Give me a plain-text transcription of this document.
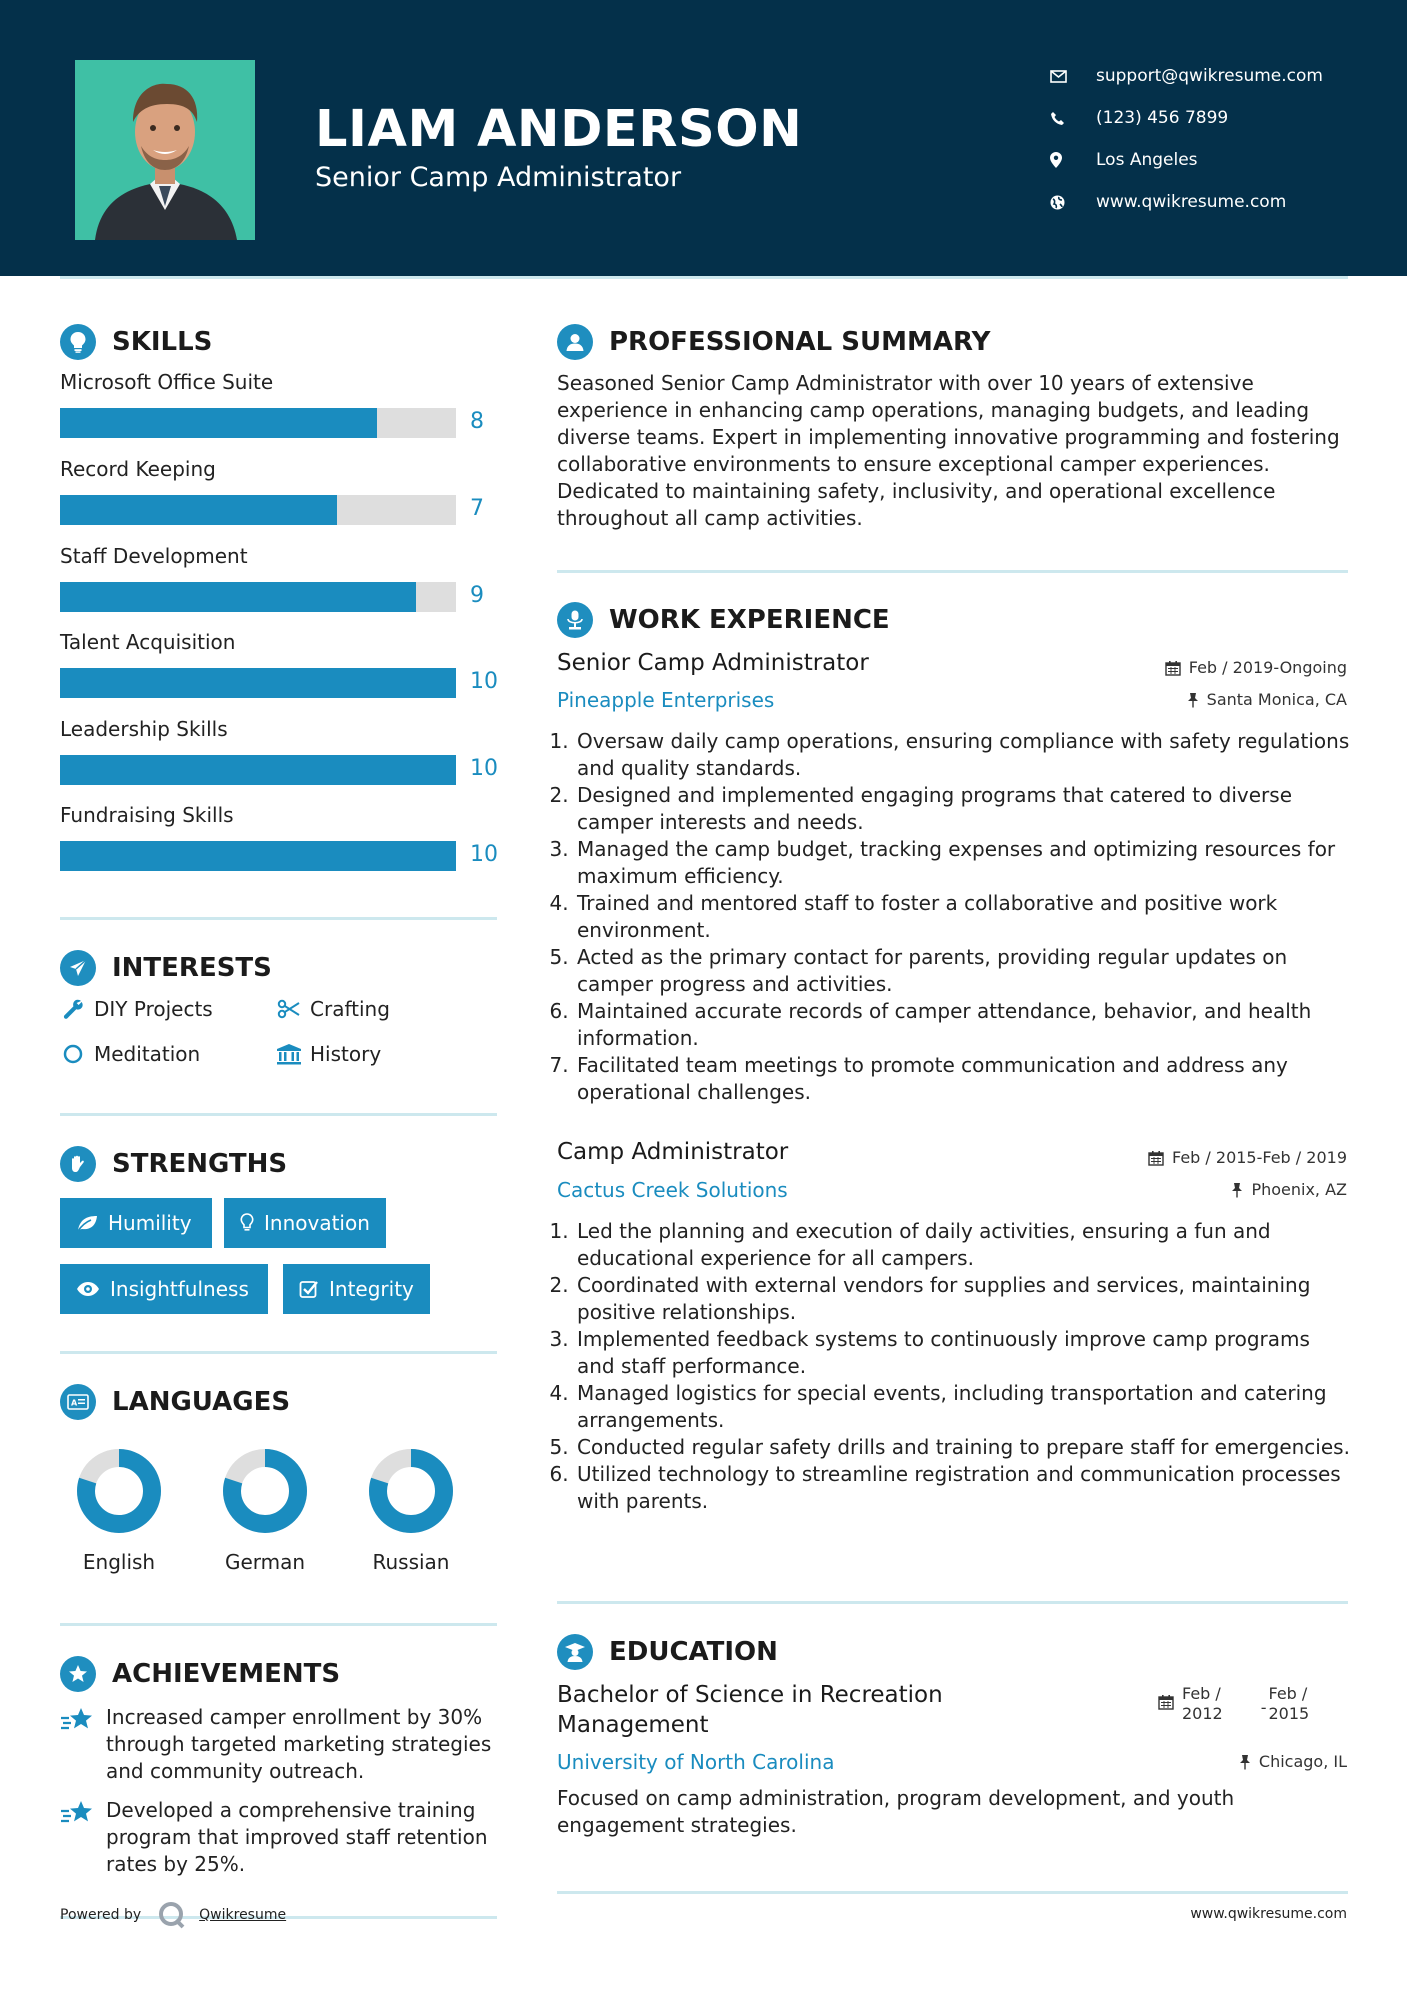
LIAM ANDERSON
Senior Camp Administrator
support@qwikresume.com
(123) 456 7899
Los Angeles
www.qwikresume.com
SKILLS
Microsoft Office Suite
8
Record Keeping
7
Staff Development
9
Talent Acquisition
10
Leadership Skills
10
Fundraising Skills
10
INTERESTS
DIY Projects	Crafting
Meditation	History
STRENGTHS
Humility	Innovation
Insightfulness	Integrity
A LANGUAGES
English	German	Russian
ACHIEVEMENTS
Increased camper enrollment by 30% through targeted marketing strategies and community outreach.
Developed a comprehensive training program that improved staff retention rates by 25%.
Powered by	Qwikresume
PROFESSIONAL SUMMARY
Seasoned Senior Camp Administrator with over 10 years of extensive experience in enhancing camp operations, managing budgets, and leading diverse teams. Expert in implementing innovative programming and fostering collaborative environments to ensure exceptional camper experiences. Dedicated to maintaining safety, inclusivity, and operational excellence throughout all camp activities.
WORK EXPERIENCE
Senior Camp Administrator	Feb / 2019-Ongoing
Pineapple Enterprises	Santa Monica, CA
1. Oversaw daily camp operations, ensuring compliance with safety regulations and quality standards.
2. Designed and implemented engaging programs that catered to diverse camper interests and needs.
3. Managed the camp budget, tracking expenses and optimizing resources for maximum efficiency.
4. Trained and mentored staff to foster a collaborative and positive work environment.
5. Acted as the primary contact for parents, providing regular updates on camper progress and activities.
6. Maintained accurate records of camper attendance, behavior, and health information.
7. Facilitated team meetings to promote communication and address any operational challenges.
Camp Administrator	Feb / 2015-Feb / 2019
Cactus Creek Solutions	Phoenix, AZ
1. Led the planning and execution of daily activities, ensuring a fun and educational experience for all campers.
2. Coordinated with external vendors for supplies and services, maintaining positive relationships.
3. Implemented feedback systems to continuously improve camp programs and staff performance.
4. Managed logistics for special events, including transportation and catering arrangements.
5. Conducted regular safety drills and training to prepare staff for emergencies.
6. Utilized technology to streamline registration and communication processes with parents.
EDUCATION
Bachelor of Science in Recreation
Management
Feb /
2012 -
Feb /
2015
University of North Carolina	Chicago, IL
Focused on camp administration, program development, and youth engagement strategies.
www.qwikresume.com
